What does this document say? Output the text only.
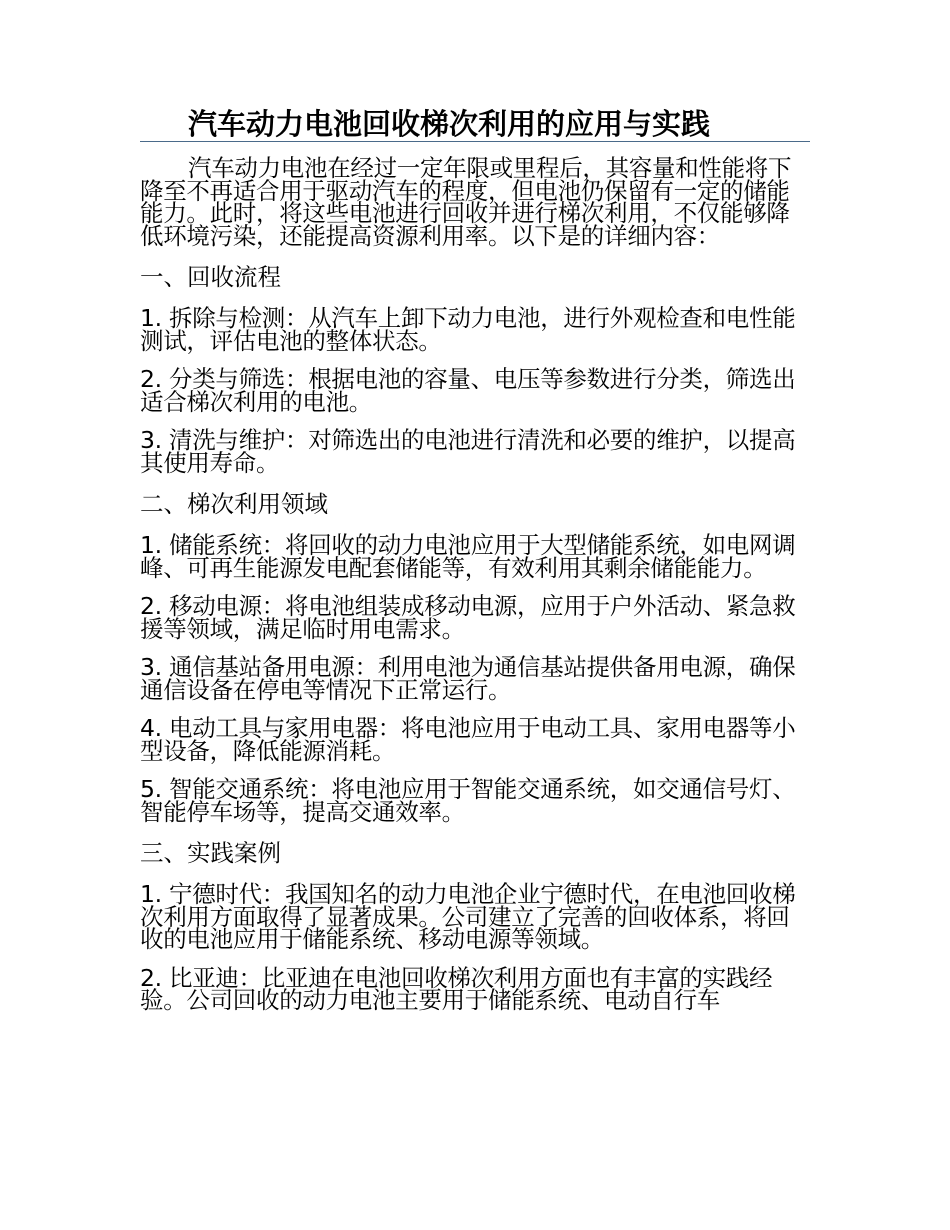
汽车动力电池回收梯次利用的应用与实践

汽车动力电池在经过一定年限或里程后，其容量和性能将下降至不再适合用于驱动汽车的程度，但电池仍保留有一定的储能能力。此时，将这些电池进行回收并进行梯次利用，不仅能够降低环境污染，还能提高资源利用率。以下是的详细内容：

一、回收流程

1. 拆除与检测：从汽车上卸下动力电池，进行外观检查和电性能测试，评估电池的整体状态。

2. 分类与筛选：根据电池的容量、电压等参数进行分类，筛选出适合梯次利用的电池。

3. 清洗与维护：对筛选出的电池进行清洗和必要的维护，以提高其使用寿命。

二、梯次利用领域

1. 储能系统：将回收的动力电池应用于大型储能系统，如电网调峰、可再生能源发电配套储能等，有效利用其剩余储能能力。

2. 移动电源：将电池组装成移动电源，应用于户外活动、紧急救援等领域，满足临时用电需求。

3. 通信基站备用电源：利用电池为通信基站提供备用电源，确保通信设备在停电等情况下正常运行。

4. 电动工具与家用电器：将电池应用于电动工具、家用电器等小型设备，降低能源消耗。

5. 智能交通系统：将电池应用于智能交通系统，如交通信号灯、智能停车场等，提高交通效率。

三、实践案例

1. 宁德时代：我国知名的动力电池企业宁德时代，在电池回收梯次利用方面取得了显著成果。公司建立了完善的回收体系，将回收的电池应用于储能系统、移动电源等领域。

2. 比亚迪：比亚迪在电池回收梯次利用方面也有丰富的实践经验。公司回收的动力电池主要用于储能系统、电动自行车
